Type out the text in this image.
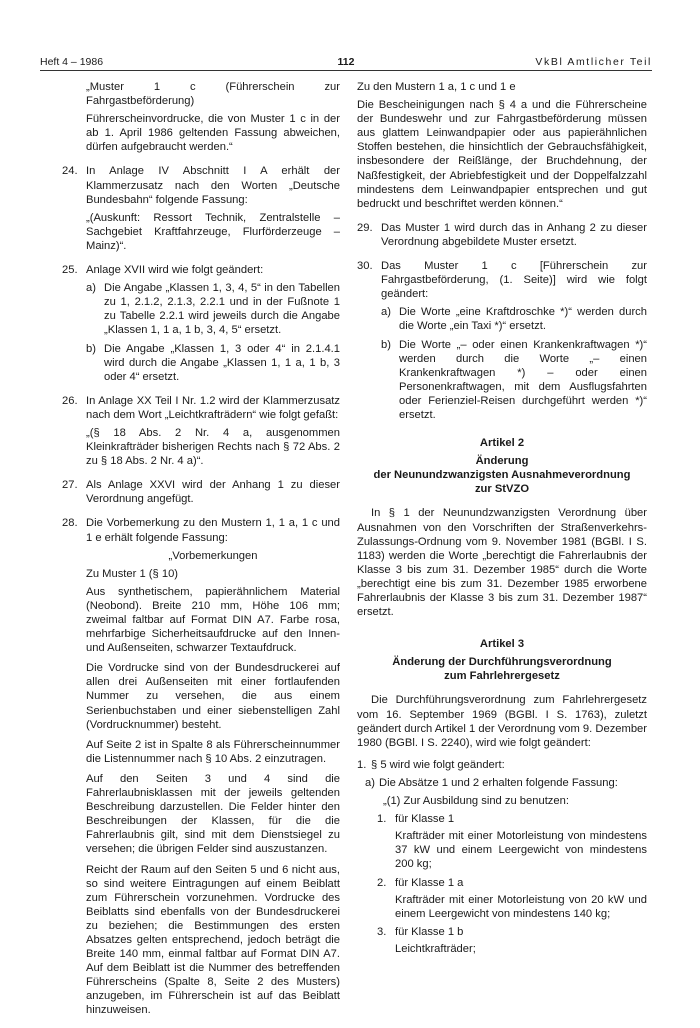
Heft 4 – 1986	112	VkBl Amtlicher Teil

„Muster 1 c (Führerschein zur Fahrgastbeförderung)

Führerscheinvordrucke, die von Muster 1 c in der ab 1. April 1986 geltenden Fassung abweichen, dürfen aufgebraucht werden.“

24. In Anlage IV Abschnitt I A erhält der Klammerzusatz nach den Worten „Deutsche Bundesbahn“ folgende Fassung:

„(Auskunft: Ressort Technik, Zentralstelle – Sachgebiet Kraftfahrzeuge, Flurförderzeuge – Mainz)“.

25. Anlage XVII wird wie folgt geändert:

a) Die Angabe „Klassen 1, 3, 4, 5“ in den Tabellen zu 1, 2.1.2, 2.1.3, 2.2.1 und in der Fußnote 1 zu Tabelle 2.2.1 wird jeweils durch die Angabe „Klassen 1, 1 a, 1 b, 3, 4, 5“ ersetzt.

b) Die Angabe „Klassen 1, 3 oder 4“ in 2.1.4.1 wird durch die Angabe „Klassen 1, 1 a, 1 b, 3 oder 4“ ersetzt.

26. In Anlage XX Teil I Nr. 1.2 wird der Klammerzusatz nach dem Wort „Leichtkrafträdern“ wie folgt gefaßt:

„(§ 18 Abs. 2 Nr. 4 a, ausgenommen Kleinkrafträder bisherigen Rechts nach § 72 Abs. 2 zu § 18 Abs. 2 Nr. 4 a)“.

27. Als Anlage XXVI wird der Anhang 1 zu dieser Verordnung angefügt.

28. Die Vorbemerkung zu den Mustern 1, 1 a, 1 c und 1 e erhält folgende Fassung:

„Vorbemerkungen

Zu Muster 1 (§ 10)

Aus synthetischem, papierähnlichem Material (Neobond). Breite 210 mm, Höhe 106 mm; zweimal faltbar auf Format DIN A7. Farbe rosa, mehrfarbige Sicherheitsaufdrucke auf den Innen- und Außenseiten, schwarzer Textaufdruck.

Die Vordrucke sind von der Bundesdruckerei auf allen drei Außenseiten mit einer fortlaufenden Nummer zu versehen, die aus einem Serienbuchstaben und einer siebenstelligen Zahl (Vordrucknummer) besteht.

Auf Seite 2 ist in Spalte 8 als Führerscheinnummer die Listennummer nach § 10 Abs. 2 einzutragen.

Auf den Seiten 3 und 4 sind die Fahrerlaubnisklassen mit der jeweils geltenden Beschreibung darzustellen. Die Felder hinter den Beschreibungen der Klassen, für die die Fahrerlaubnis gilt, sind mit dem Dienstsiegel zu versehen; die übrigen Felder sind auszustanzen.

Reicht der Raum auf den Seiten 5 und 6 nicht aus, so sind weitere Eintragungen auf einem Beiblatt zum Führerschein vorzunehmen. Vordrucke des Beiblatts sind ebenfalls von der Bundesdruckerei zu beziehen; die Bestimmungen des ersten Absatzes gelten entsprechend, jedoch beträgt die Breite 140 mm, einmal faltbar auf Format DIN A7. Auf dem Beiblatt ist die Nummer des betreffenden Führerscheins (Spalte 8, Seite 2 des Musters) anzugeben, im Führerschein ist auf das Beiblatt hinzuweisen.

Zu den Mustern 1 a, 1 c und 1 e

Die Bescheinigungen nach § 4 a und die Führerscheine der Bundeswehr und zur Fahrgastbeförderung müssen aus glattem Leinwandpapier oder aus papierähnlichen Stoffen bestehen, die hinsichtlich der Gebrauchsfähigkeit, insbesondere der Reißlänge, der Bruchdehnung, der Naßfestigkeit, der Abriebfestigkeit und der Doppelfalzzahl mindestens dem Leinwandpapier entsprechen und gut bedruckt und beschriftet werden können.“

29. Das Muster 1 wird durch das in Anhang 2 zu dieser Verordnung abgebildete Muster ersetzt.

30. Das Muster 1 c [Führerschein zur Fahrgastbeförderung, (1. Seite)] wird wie folgt geändert:

a) Die Worte „eine Kraftdroschke *)“ werden durch die Worte „ein Taxi *)“ ersetzt.

b) Die Worte „– oder einen Krankenkraftwagen *)“ werden durch die Worte „– einen Krankenkraftwagen *) – oder einen Personenkraftwagen, mit dem Ausflugsfahrten oder Ferienziel-Reisen durchgeführt werden *)“ ersetzt.

Artikel 2

Änderung

der Neunundzwanzigsten Ausnahmeverordnung

zur StVZO

In § 1 der Neunundzwanzigsten Verordnung über Ausnahmen von den Vorschriften der Straßenverkehrs-Zulassungs-Ordnung vom 9. November 1981 (BGBl. I S. 1183) werden die Worte „berechtigt die Fahrerlaubnis der Klasse 3 bis zum 31. Dezember 1985“ durch die Worte „berechtigt eine bis zum 31. Dezember 1985 erworbene Fahrerlaubnis der Klasse 3 bis zum 31. Dezember 1987“ ersetzt.

Artikel 3

Änderung der Durchführungsverordnung

zum Fahrlehrergesetz

Die Durchführungsverordnung zum Fahrlehrergesetz vom 16. September 1969 (BGBl. I S. 1763), zuletzt geändert durch Artikel 1 der Verordnung vom 9. Dezember 1980 (BGBl. I S. 2240), wird wie folgt geändert:

1. § 5 wird wie folgt geändert:

a) Die Absätze 1 und 2 erhalten folgende Fassung:

„(1) Zur Ausbildung sind zu benutzen:

1. für Klasse 1

Krafträder mit einer Motorleistung von mindestens 37 kW und einem Leergewicht von mindestens 200 kg;

2. für Klasse 1 a

Krafträder mit einer Motorleistung von 20 kW und einem Leergewicht von mindestens 140 kg;

3. für Klasse 1 b

Leichtkrafträder;
